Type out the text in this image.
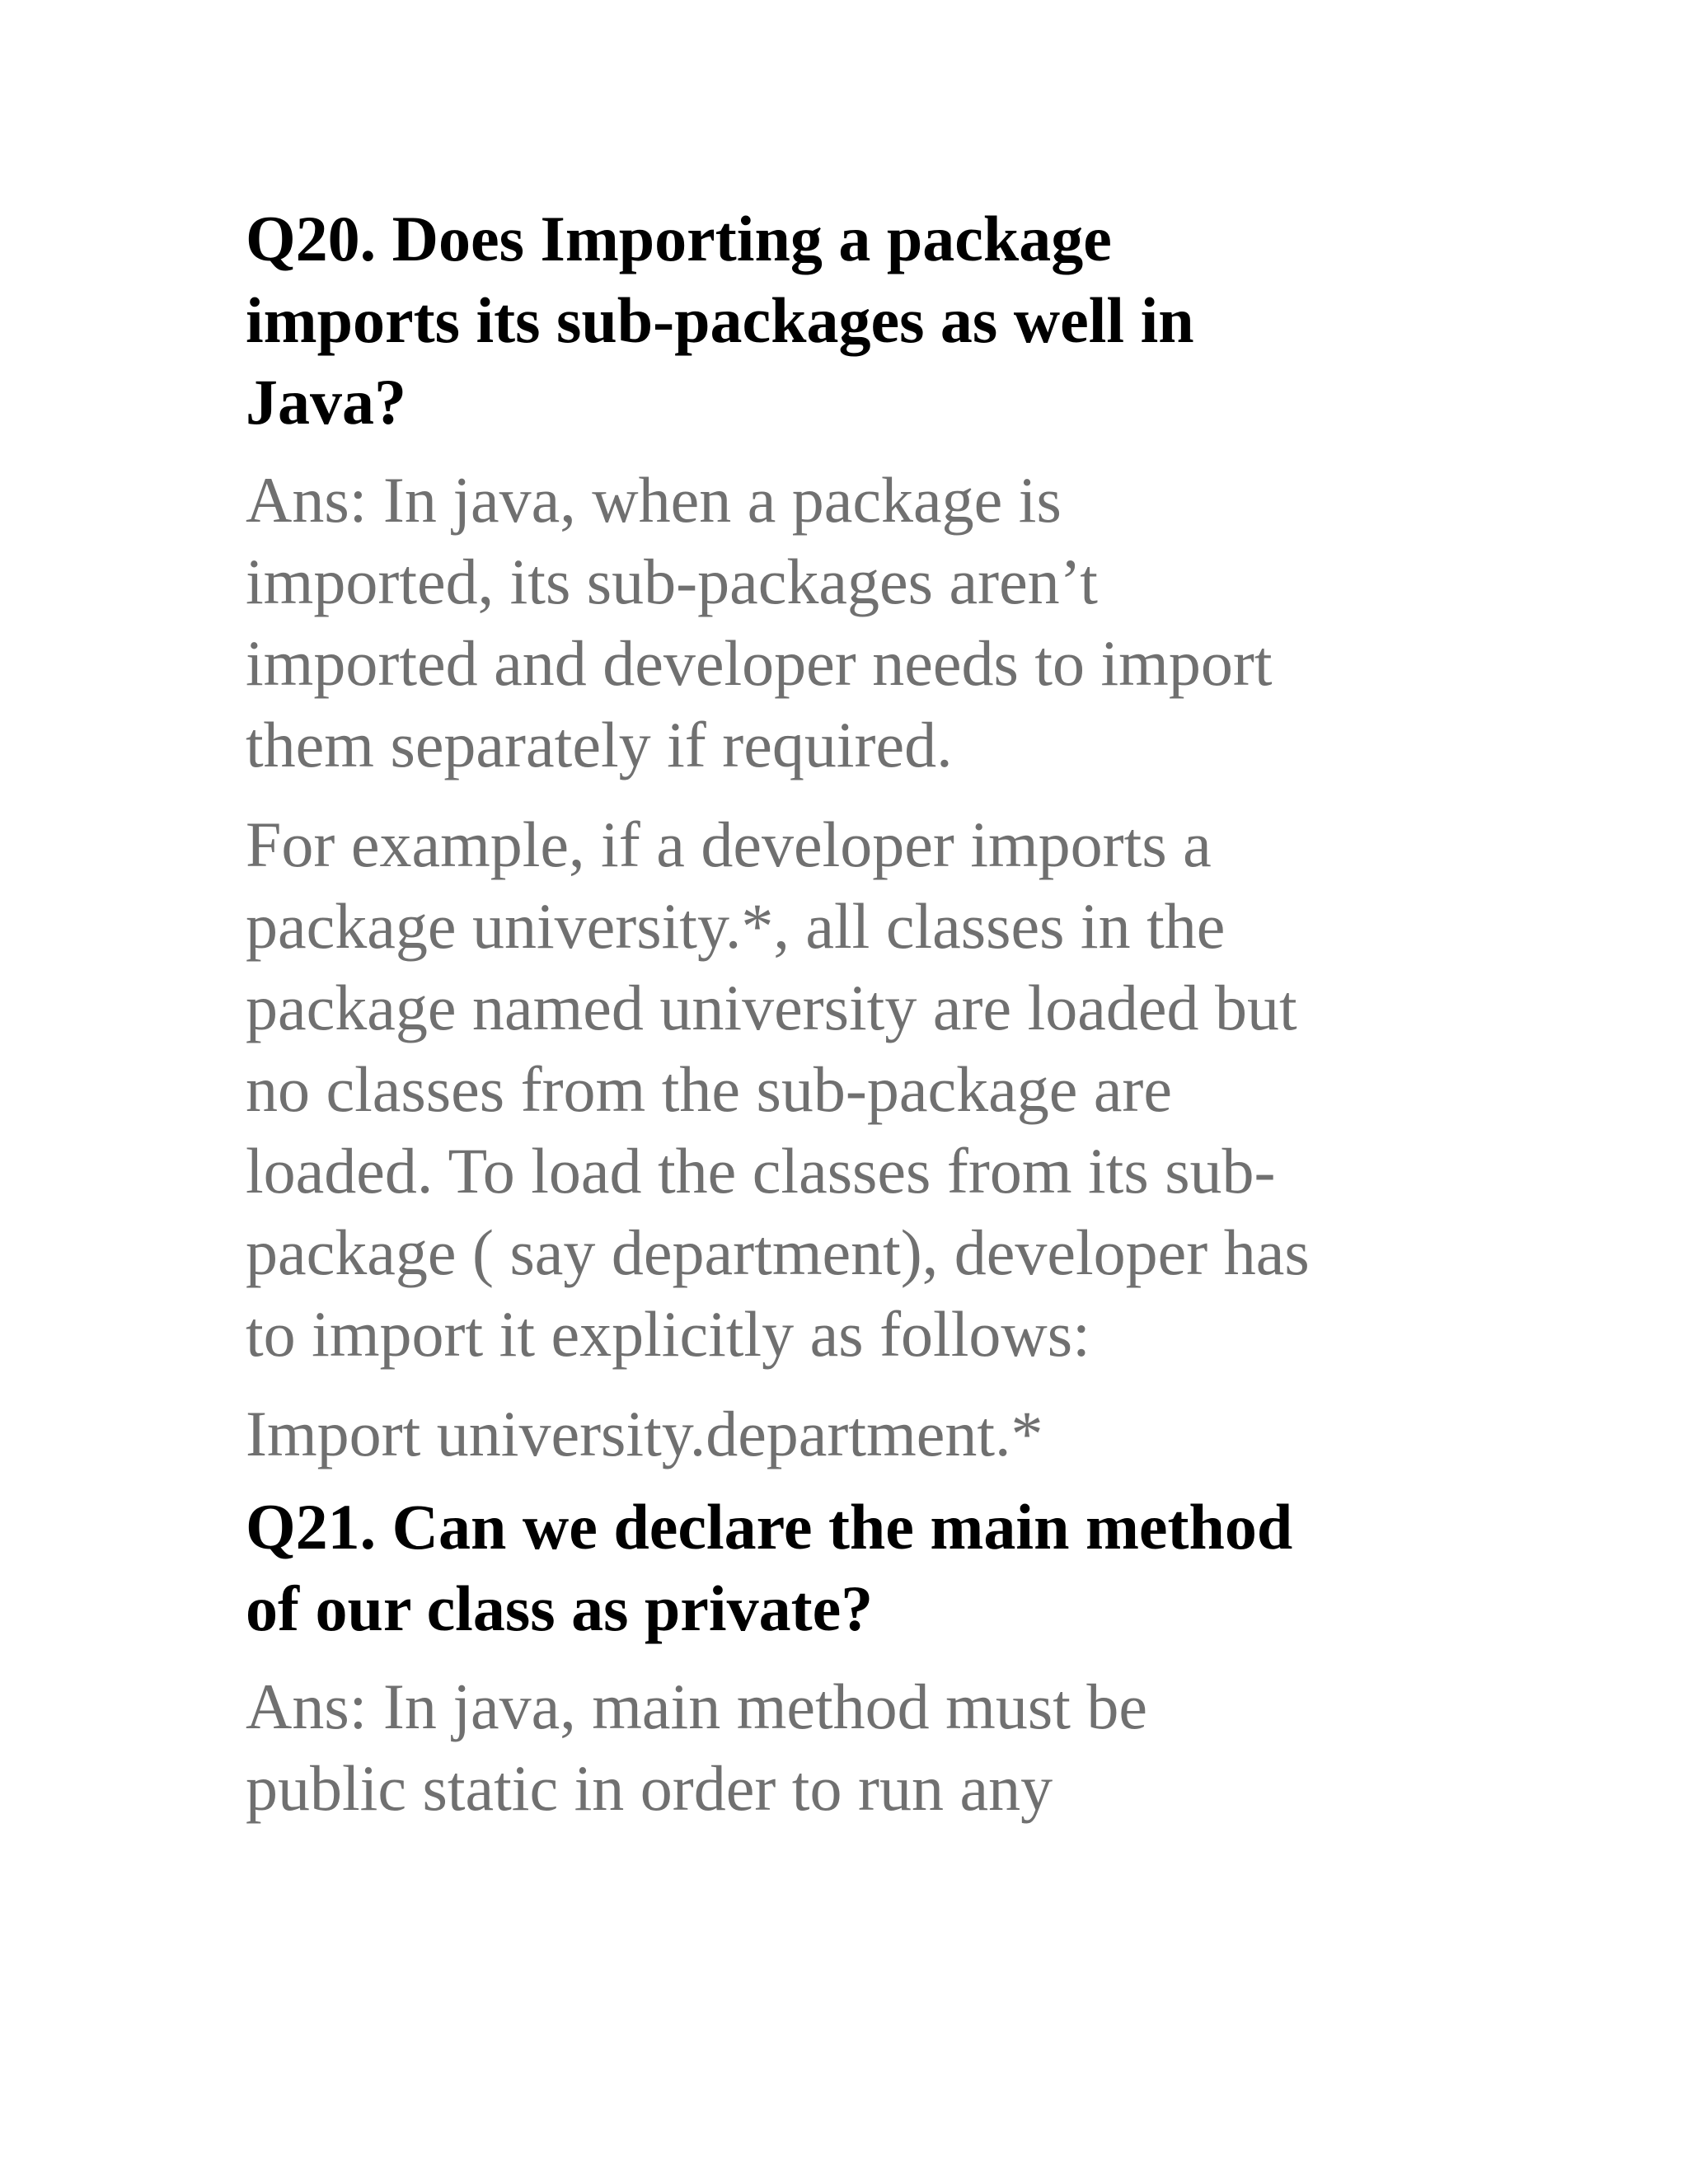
Q20. Does Importing a package
imports its sub-packages as well in
Java?

Ans: In java, when a package is
imported, its sub-packages aren’t
imported and developer needs to import
them separately if required.

For example, if a developer imports a
package university.*, all classes in the
package named university are loaded but
no classes from the sub-package are
loaded. To load the classes from its sub-
package ( say department), developer has
to import it explicitly as follows:

Import university.department.*

Q21. Can we declare the main method
of our class as private?

Ans: In java, main method must be
public static in order to run any
